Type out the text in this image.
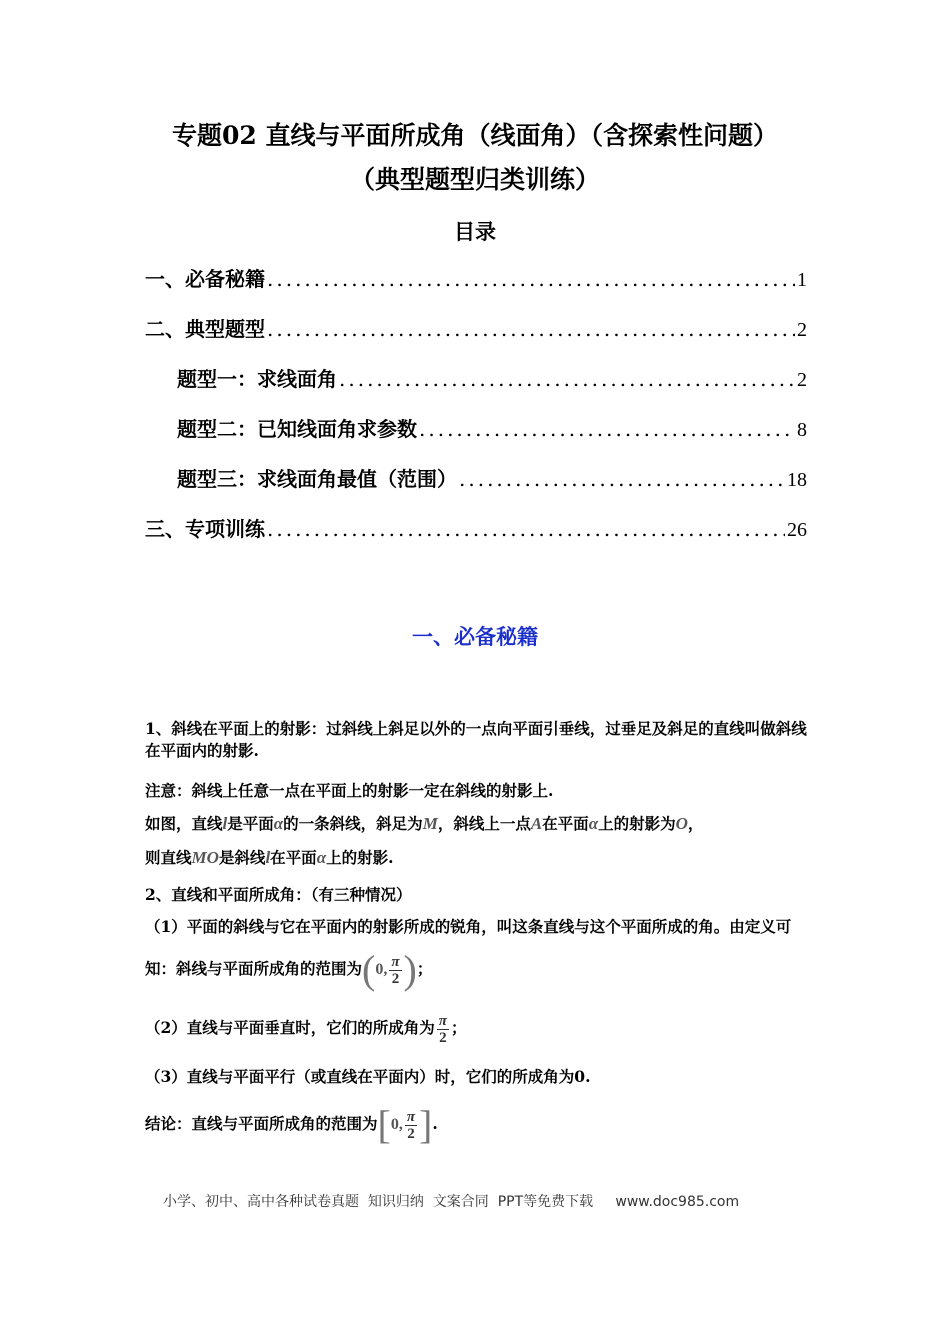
专题02 直线与平面所成角（线面角）（含探索性问题）
（典型题型归类训练）
目录
一、必备秘籍 .....	1
二、典型题型 .....	2
题型一：求线面角 .....	2
题型二：已知线面角求参数 .....	8
题型三：求线面角最值（范围） .....	18
三、专项训练 .....	26
一、必备秘籍
1、斜线在平面上的射影：过斜线上斜足以外的一点向平面引垂线，过垂足及斜足的直线叫做斜线在平面内的射影.
注意：斜线上任意一点在平面上的射影一定在斜线的射影上.
如图，直线l是平面α的一条斜线，斜足为M，斜线上一点A在平面α上的射影为O，
则直线MO是斜线l在平面α上的射影.
2、直线和平面所成角：（有三种情况）
（1）平面的斜线与它在平面内的射影所成的锐角，叫这条直线与这个平面所成的角。由定义可知：斜线与平面所成角的范围为 ( 0, $\frac{\pi}{2}$ ) ；
（2）直线与平面垂直时，它们的所成角为 $\frac{\pi}{2}$ ；
（3）直线与平面平行（或直线在平面内）时，它们的所成角为0.
结论：直线与平面所成角的范围为 [ 0, $\frac{\pi}{2}$ ] .
小学、初中、高中各种试卷真题  知识归纳  文案合同  PPT等免费下载     www.doc985.com
